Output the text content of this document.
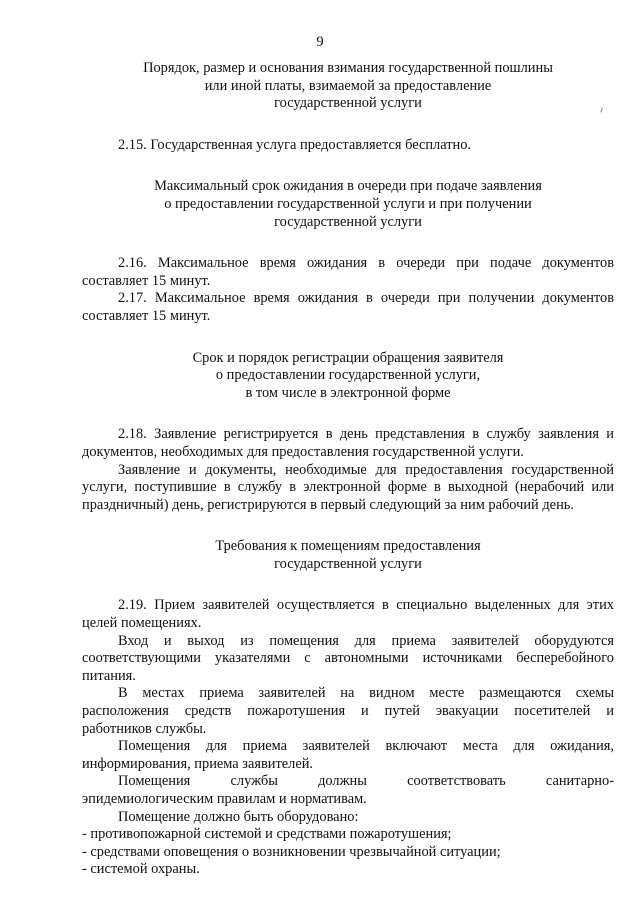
9
Порядок, размер и основания взимания государственной пошлины
или иной платы, взимаемой за предоставление
государственной услуги

2.15. Государственная услуга предоставляется бесплатно.

Максимальный срок ожидания в очереди при подаче заявления
о предоставлении государственной услуги и при получении
государственной услуги
2.16. Максимальное время ожидания в очереди при подаче документов
составляет 15 минут.
2.17. Максимальное время ожидания в очереди при получении документов
составляет 15 минут.
Срок и порядок регистрации обращения заявителя
о предоставлении государственной услуги,
в том числе в электронной форме
2.18. Заявление регистрируется в день представления в службу заявления и
документов, необходимых для предоставления государственной услуги.
Заявление и документы, необходимые для предоставления государственной
услуги, поступившие в службу в электронной форме в выходной (нерабочий или
праздничный) день, регистрируются в первый следующий за ним рабочий день.
Требования к помещениям предоставления
государственной услуги
2.19. Прием заявителей осуществляется в специально выделенных для этих
целей помещениях.
Вход и выход из помещения для приема заявителей оборудуются
соответствующими указателями с автономными источниками бесперебойного
питания.
В местах приема заявителей на видном месте размещаются схемы
расположения средств пожаротушения и путей эвакуации посетителей и
работников службы.
Помещения для приема заявителей включают места для ожидания,
информирования, приема заявителей.
Помещения службы должны соответствовать санитарно-
эпидемиологическим правилам и нормативам.
Помещение должно быть оборудовано:
- противопожарной системой и средствами пожаротушения;
- средствами оповещения о возникновении чрезвычайной ситуации;
- системой охраны.
